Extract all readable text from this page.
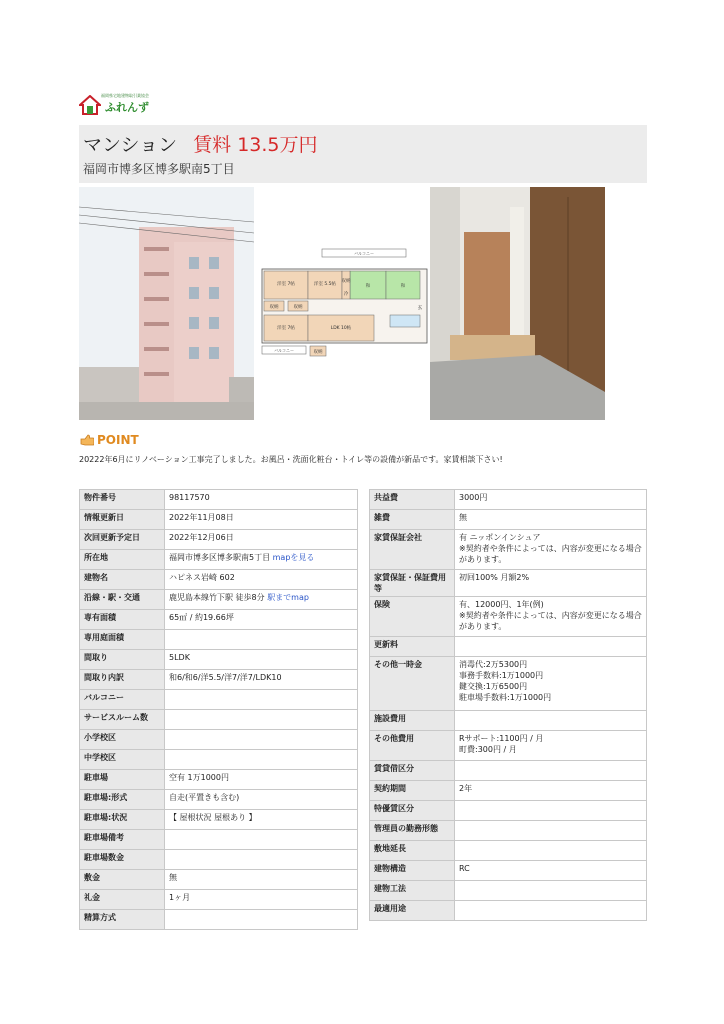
福岡県宅地建物取引業協会
ふれんず
マンション 賃料 13.5万円
福岡市博多区博多駅南5丁目
バルコニー
洋室 7帖	洋室 5.5帖
洋室 7帖	LDK 10帖
和	和
収納	収納
収納
収納
冷
玄
バルコニー
POINT
20222年6月にリノベーション工事完了しました。お風呂・洗面化粧台・トイレ等の設備が新品です。家賃相談下さい!
物件番号	98117570
情報更新日	2022年11月08日
次回更新予定日	2022年12月06日
所在地	福岡市博多区博多駅南5丁目 mapを見る
建物名	ハピネス岩崎 602
沿線・駅・交通	鹿児島本線竹下駅 徒歩8分 駅までmap
専有面積	65㎡ / 約19.66坪
専用庭面積	
間取り	5LDK
間取り内訳	和6/和6/洋5.5/洋7/洋7/LDK10
バルコニー	
サービスルーム数	
小学校区	
中学校区	
駐車場	空有 1万1000円
駐車場:形式	自走(平置きも含む)
駐車場:状況	【 屋根状況 屋根あり 】
駐車場備考	
駐車場数金	
敷金	無
礼金	1ヶ月
精算方式	
共益費	3000円
雑費	無
家賃保証会社	有 ニッポンインシュア
※契約者や条件によっては、内容が変更になる場合があります。
家賃保証・保証費用等	初回100% 月額2%
保険	有、12000円、1年(例)
※契約者や条件によっては、内容が変更になる場合があります。
更新料	
その他一時金	消毒代:2万5300円
事務手数料:1万1000円
鍵交換:1万6500円
駐車場手数料:1万1000円
施設費用	
その他費用	Rサポート:1100円 / 月
町費:300円 / 月
賃貸借区分	
契約期間	2年
特優賃区分	
管理員の勤務形態	
敷地延長	
建物構造	RC
建物工法	
最適用途	
